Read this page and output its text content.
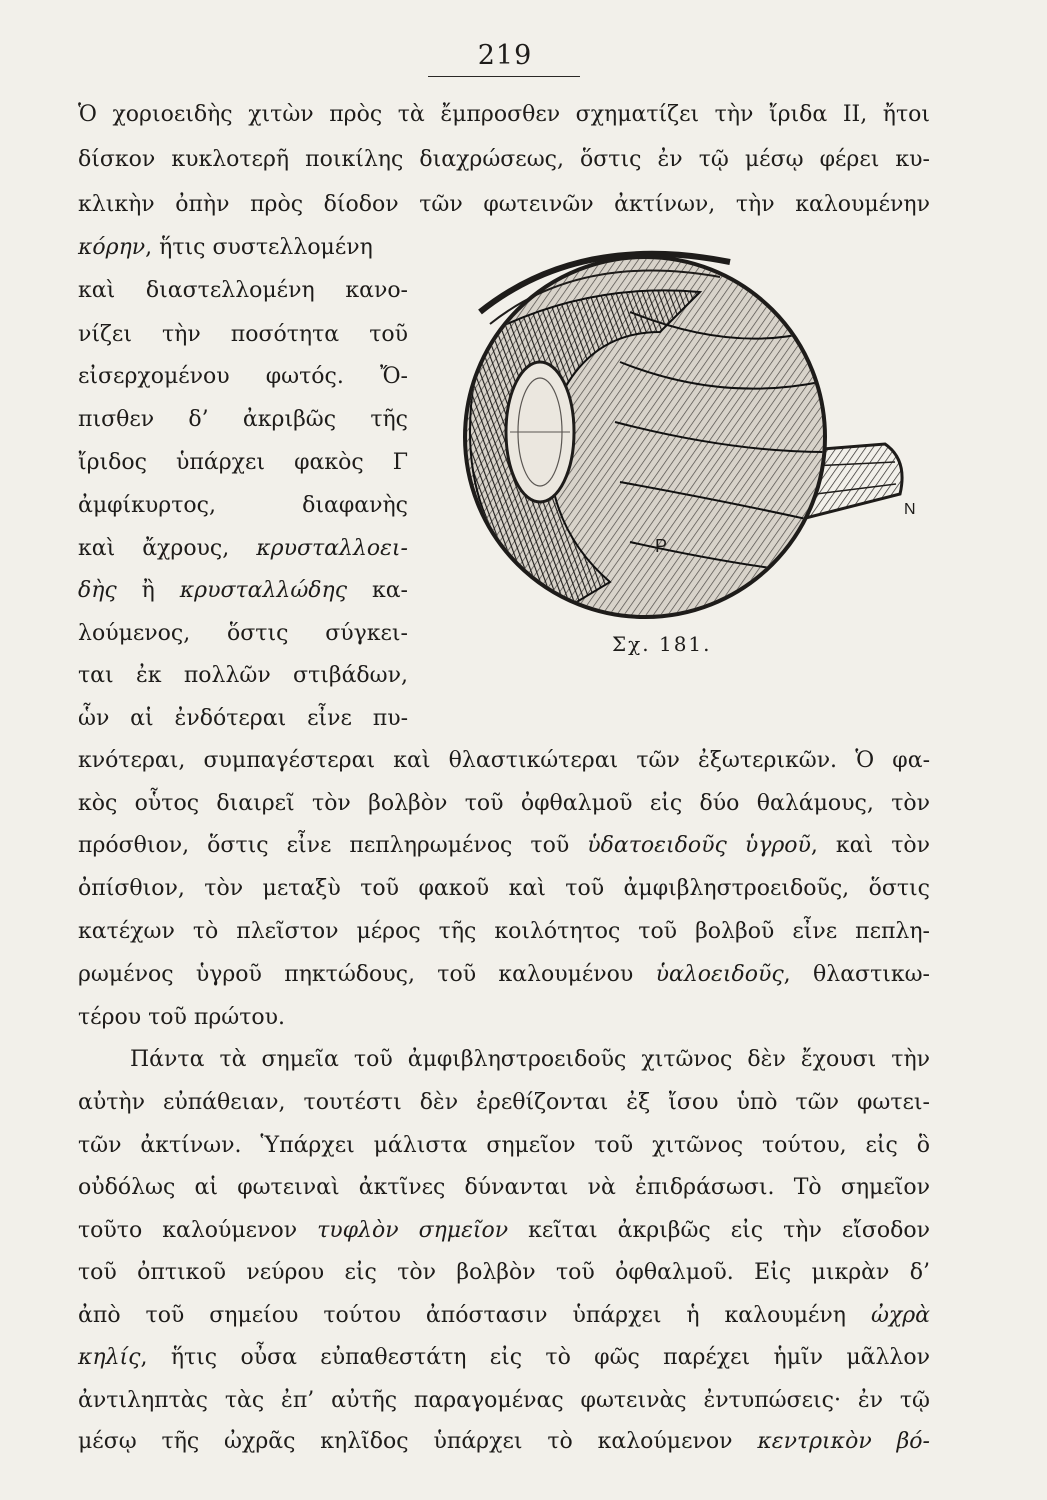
219
Ὁ χοριοειδὴς χιτὼν πρὸς τὰ ἔμπροσθεν σχηματίζει τὴν ἴριδα ΙΙ, ἤτοι
δίσκον κυκλοτερῆ ποικίλης διαχρώσεως, ὅστις ἐν τῷ μέσῳ φέρει κυ-
κλικὴν ὀπὴν πρὸς δίοδον τῶν φωτεινῶν ἀκτίνων, τὴν καλουμένην
κόρην, ἥτις συστελλομένη
καὶ διαστελλομένη κανο-
νίζει τὴν ποσότητα τοῦ
εἰσερχομένου φωτός. Ὄ-
πισθεν δ’ ἀκριβῶς τῆς
ἴριδος ὑπάρχει φακὸς Γ
ἀμφίκυρτος, διαφανὴς
καὶ ἄχρους, κρυσταλλοει-
δὴς ἢ κρυσταλλώδης κα-
λούμενος, ὅστις σύγκει-
ται ἐκ πολλῶν στιβάδων,
ὧν αἱ ἐνδότεραι εἶνε πυ-
κνότεραι, συμπαγέστεραι καὶ θλαστικώτεραι τῶν ἐξωτερικῶν. Ὁ φα-
κὸς οὗτος διαιρεῖ τὸν βολβὸν τοῦ ὀφθαλμοῦ εἰς δύο θαλάμους, τὸν
πρόσθιον, ὅστις εἶνε πεπληρωμένος τοῦ ὑδατοειδοῦς ὑγροῦ, καὶ τὸν
ὀπίσθιον, τὸν μεταξὺ τοῦ φακοῦ καὶ τοῦ ἀμφιβληστροειδοῦς, ὅστις
κατέχων τὸ πλεῖστον μέρος τῆς κοιλότητος τοῦ βολβοῦ εἶνε πεπλη-
ρωμένος ὑγροῦ πηκτώδους, τοῦ καλουμένου ὑαλοειδοῦς, θλαστικω-
τέρου τοῦ πρώτου.
Πάντα τὰ σημεῖα τοῦ ἀμφιβληστροειδοῦς χιτῶνος δὲν ἔχουσι τὴν
αὐτὴν εὐπάθειαν, τουτέστι δὲν ἐρεθίζονται ἐξ ἴσου ὑπὸ τῶν φωτει-
τῶν ἀκτίνων. Ὑπάρχει μάλιστα σημεῖον τοῦ χιτῶνος τούτου, εἰς ὃ
οὐδόλως αἱ φωτειναὶ ἀκτῖνες δύνανται νὰ ἐπιδράσωσι. Τὸ σημεῖον
τοῦτο καλούμενον τυφλὸν σημεῖον κεῖται ἀκριβῶς εἰς τὴν εἴσοδον
τοῦ ὀπτικοῦ νεύρου εἰς τὸν βολβὸν τοῦ ὀφθαλμοῦ. Εἰς μικρὰν δ’
ἀπὸ τοῦ σημείου τούτου ἀπόστασιν ὑπάρχει ἡ καλουμένη ὠχρὰ
κηλίς, ἥτις οὖσα εὐπαθεστάτη εἰς τὸ φῶς παρέχει ἡμῖν μᾶλλον
ἀντιληπτὰς τὰς ἐπ’ αὐτῆς παραγομένας φωτεινὰς ἐντυπώσεις· ἐν τῷ
μέσῳ τῆς ὠχρᾶς κηλῖδος ὑπάρχει τὸ καλούμενον κεντρικὸν βό-
P
N
Σχ. 181.
